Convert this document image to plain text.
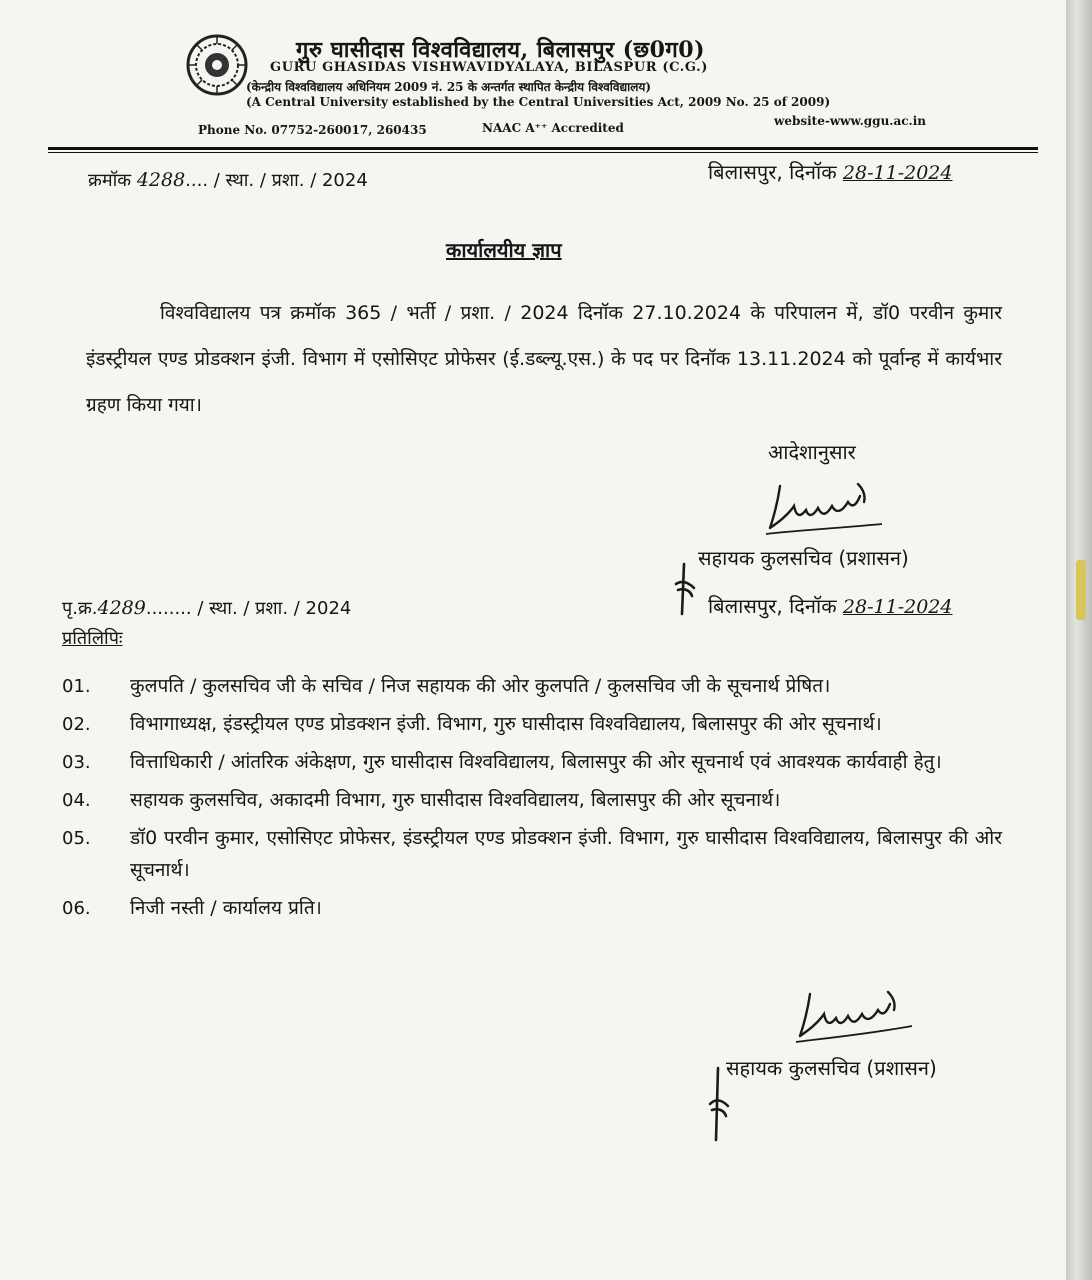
गुरु घासीदास विश्वविद्यालय, बिलासपुर (छ0ग0)
GURU GHASIDAS VISHWAVIDYALAYA, BILASPUR (C.G.)
(केन्द्रीय विश्वविद्यालय अधिनियम 2009 नं. 25 के अन्तर्गत स्थापित केन्द्रीय विश्वविद्यालय)
(A Central University established by the Central Universities Act, 2009 No. 25 of 2009)
Phone No. 07752-260017, 260435	NAAC A⁺⁺ Accredited	website-www.ggu.ac.in
क्रमॉक 4288.... / स्था. / प्रशा. / 2024	बिलासपुर, दिनॉक 28-11-2024
कार्यालयीय ज्ञाप
विश्वविद्यालय पत्र क्रमॉक 365 / भर्ती / प्रशा. / 2024 दिनॉक 27.10.2024 के परिपालन में, डॉ0 परवीन कुमार इंडस्ट्रीयल एण्ड प्रोडक्शन इंजी. विभाग में एसोसिएट प्रोफेसर (ई.डब्ल्यू.एस.) के पद पर दिनॉक 13.11.2024 को पूर्वान्ह में कार्यभार ग्रहण किया गया।
आदेशानुसार
सहायक कुलसचिव (प्रशासन)
बिलासपुर, दिनॉक 28-11-2024
पृ.क्र.4289........ / स्था. / प्रशा. / 2024
प्रतिलिपिः
01. कुलपति / कुलसचिव जी के सचिव / निज सहायक की ओर कुलपति / कुलसचिव जी के सूचनार्थ प्रेषित।
02. विभागाध्यक्ष, इंडस्ट्रीयल एण्ड प्रोडक्शन इंजी. विभाग, गुरु घासीदास विश्वविद्यालय, बिलासपुर की ओर सूचनार्थ।
03. वित्ताधिकारी / आंतरिक अंकेक्षण, गुरु घासीदास विश्वविद्यालय, बिलासपुर की ओर सूचनार्थ एवं आवश्यक कार्यवाही हेतु।
04. सहायक कुलसचिव, अकादमी विभाग, गुरु घासीदास विश्वविद्यालय, बिलासपुर की ओर सूचनार्थ।
05. डॉ0 परवीन कुमार, एसोसिएट प्रोफेसर, इंडस्ट्रीयल एण्ड प्रोडक्शन इंजी. विभाग, गुरु घासीदास विश्वविद्यालय, बिलासपुर की ओर सूचनार्थ।
06. निजी नस्ती / कार्यालय प्रति।
सहायक कुलसचिव (प्रशासन)
